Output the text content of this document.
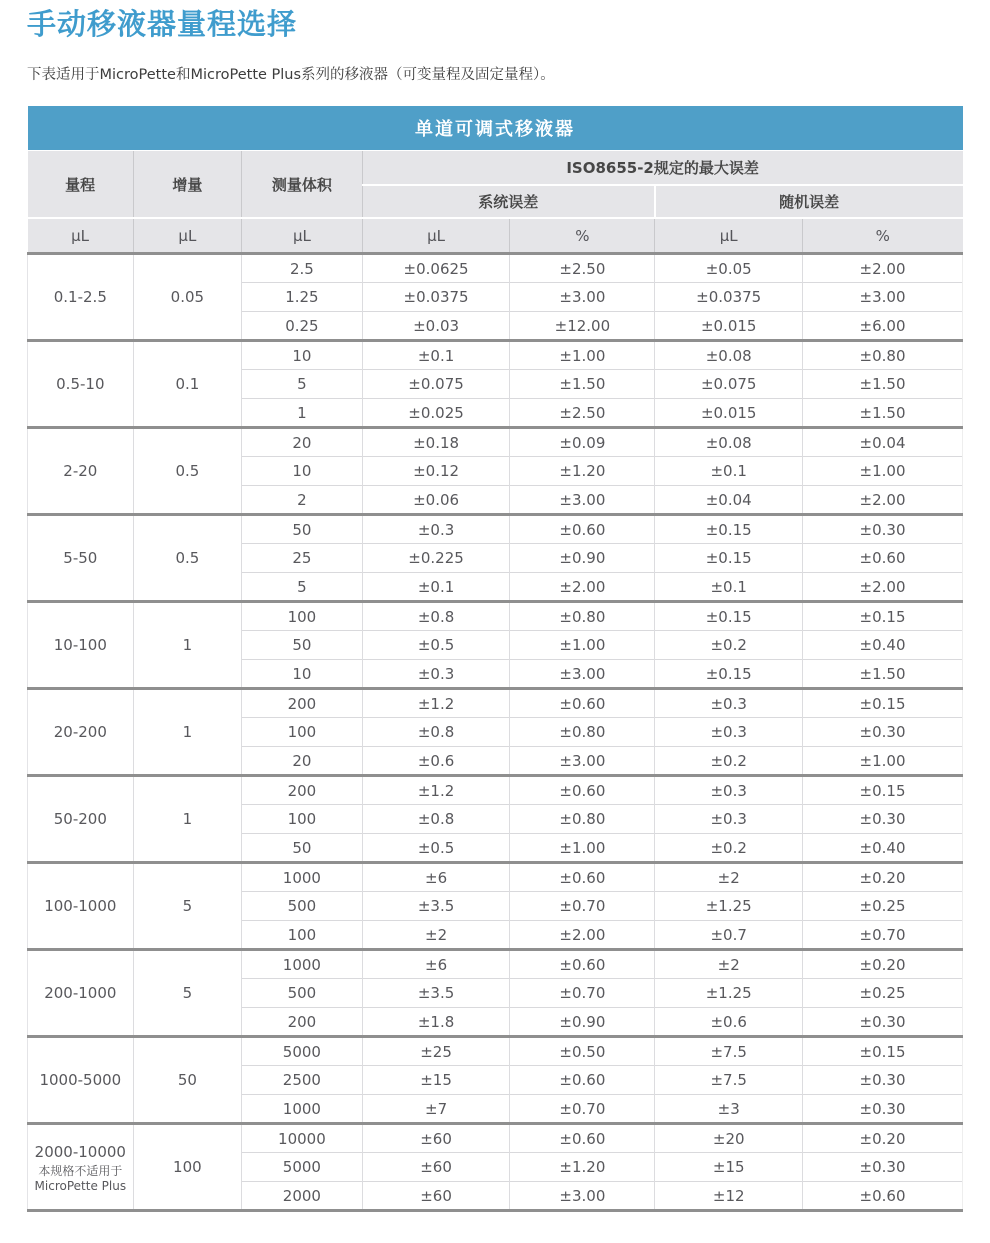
手动移液器量程选择

下表适用于MicroPette和MicroPette Plus系列的移液器（可变量程及固定量程）。

单道可调式移液器						
量程	增量	测量体积	ISO8655-2规定的最大误差			
			系统误差		随机误差	
μL	μL	μL	μL	%	μL	%

0.1-2.5	0.05	2.5	±0.0625	±2.50	±0.05	±2.00
		1.25	±0.0375	±3.00	±0.0375	±3.00
		0.25	±0.03	±12.00	±0.015	±6.00

0.5-10	0.1	10	±0.1	±1.00	±0.08	±0.80
		5	±0.075	±1.50	±0.075	±1.50
		1	±0.025	±2.50	±0.015	±1.50

2-20	0.5	20	±0.18	±0.09	±0.08	±0.04
		10	±0.12	±1.20	±0.1	±1.00
		2	±0.06	±3.00	±0.04	±2.00

5-50	0.5	50	±0.3	±0.60	±0.15	±0.30
		25	±0.225	±0.90	±0.15	±0.60
		5	±0.1	±2.00	±0.1	±2.00

10-100	1	100	±0.8	±0.80	±0.15	±0.15
		50	±0.5	±1.00	±0.2	±0.40
		10	±0.3	±3.00	±0.15	±1.50

20-200	1	200	±1.2	±0.60	±0.3	±0.15
		100	±0.8	±0.80	±0.3	±0.30
		20	±0.6	±3.00	±0.2	±1.00

50-200	1	200	±1.2	±0.60	±0.3	±0.15
		100	±0.8	±0.80	±0.3	±0.30
		50	±0.5	±1.00	±0.2	±0.40

100-1000	5	1000	±6	±0.60	±2	±0.20
		500	±3.5	±0.70	±1.25	±0.25
		100	±2	±2.00	±0.7	±0.70

200-1000	5	1000	±6	±0.60	±2	±0.20
		500	±3.5	±0.70	±1.25	±0.25
		200	±1.8	±0.90	±0.6	±0.30

1000-5000	50	5000	±25	±0.50	±7.5	±0.15
		2500	±15	±0.60	±7.5	±0.30
		1000	±7	±0.70	±3	±0.30

2000-10000
本规格不适用于
MicroPette Plus	100	10000	±60	±0.60	±20	±0.20
		5000	±60	±1.20	±15	±0.30
		2000	±60	±3.00	±12	±0.60
